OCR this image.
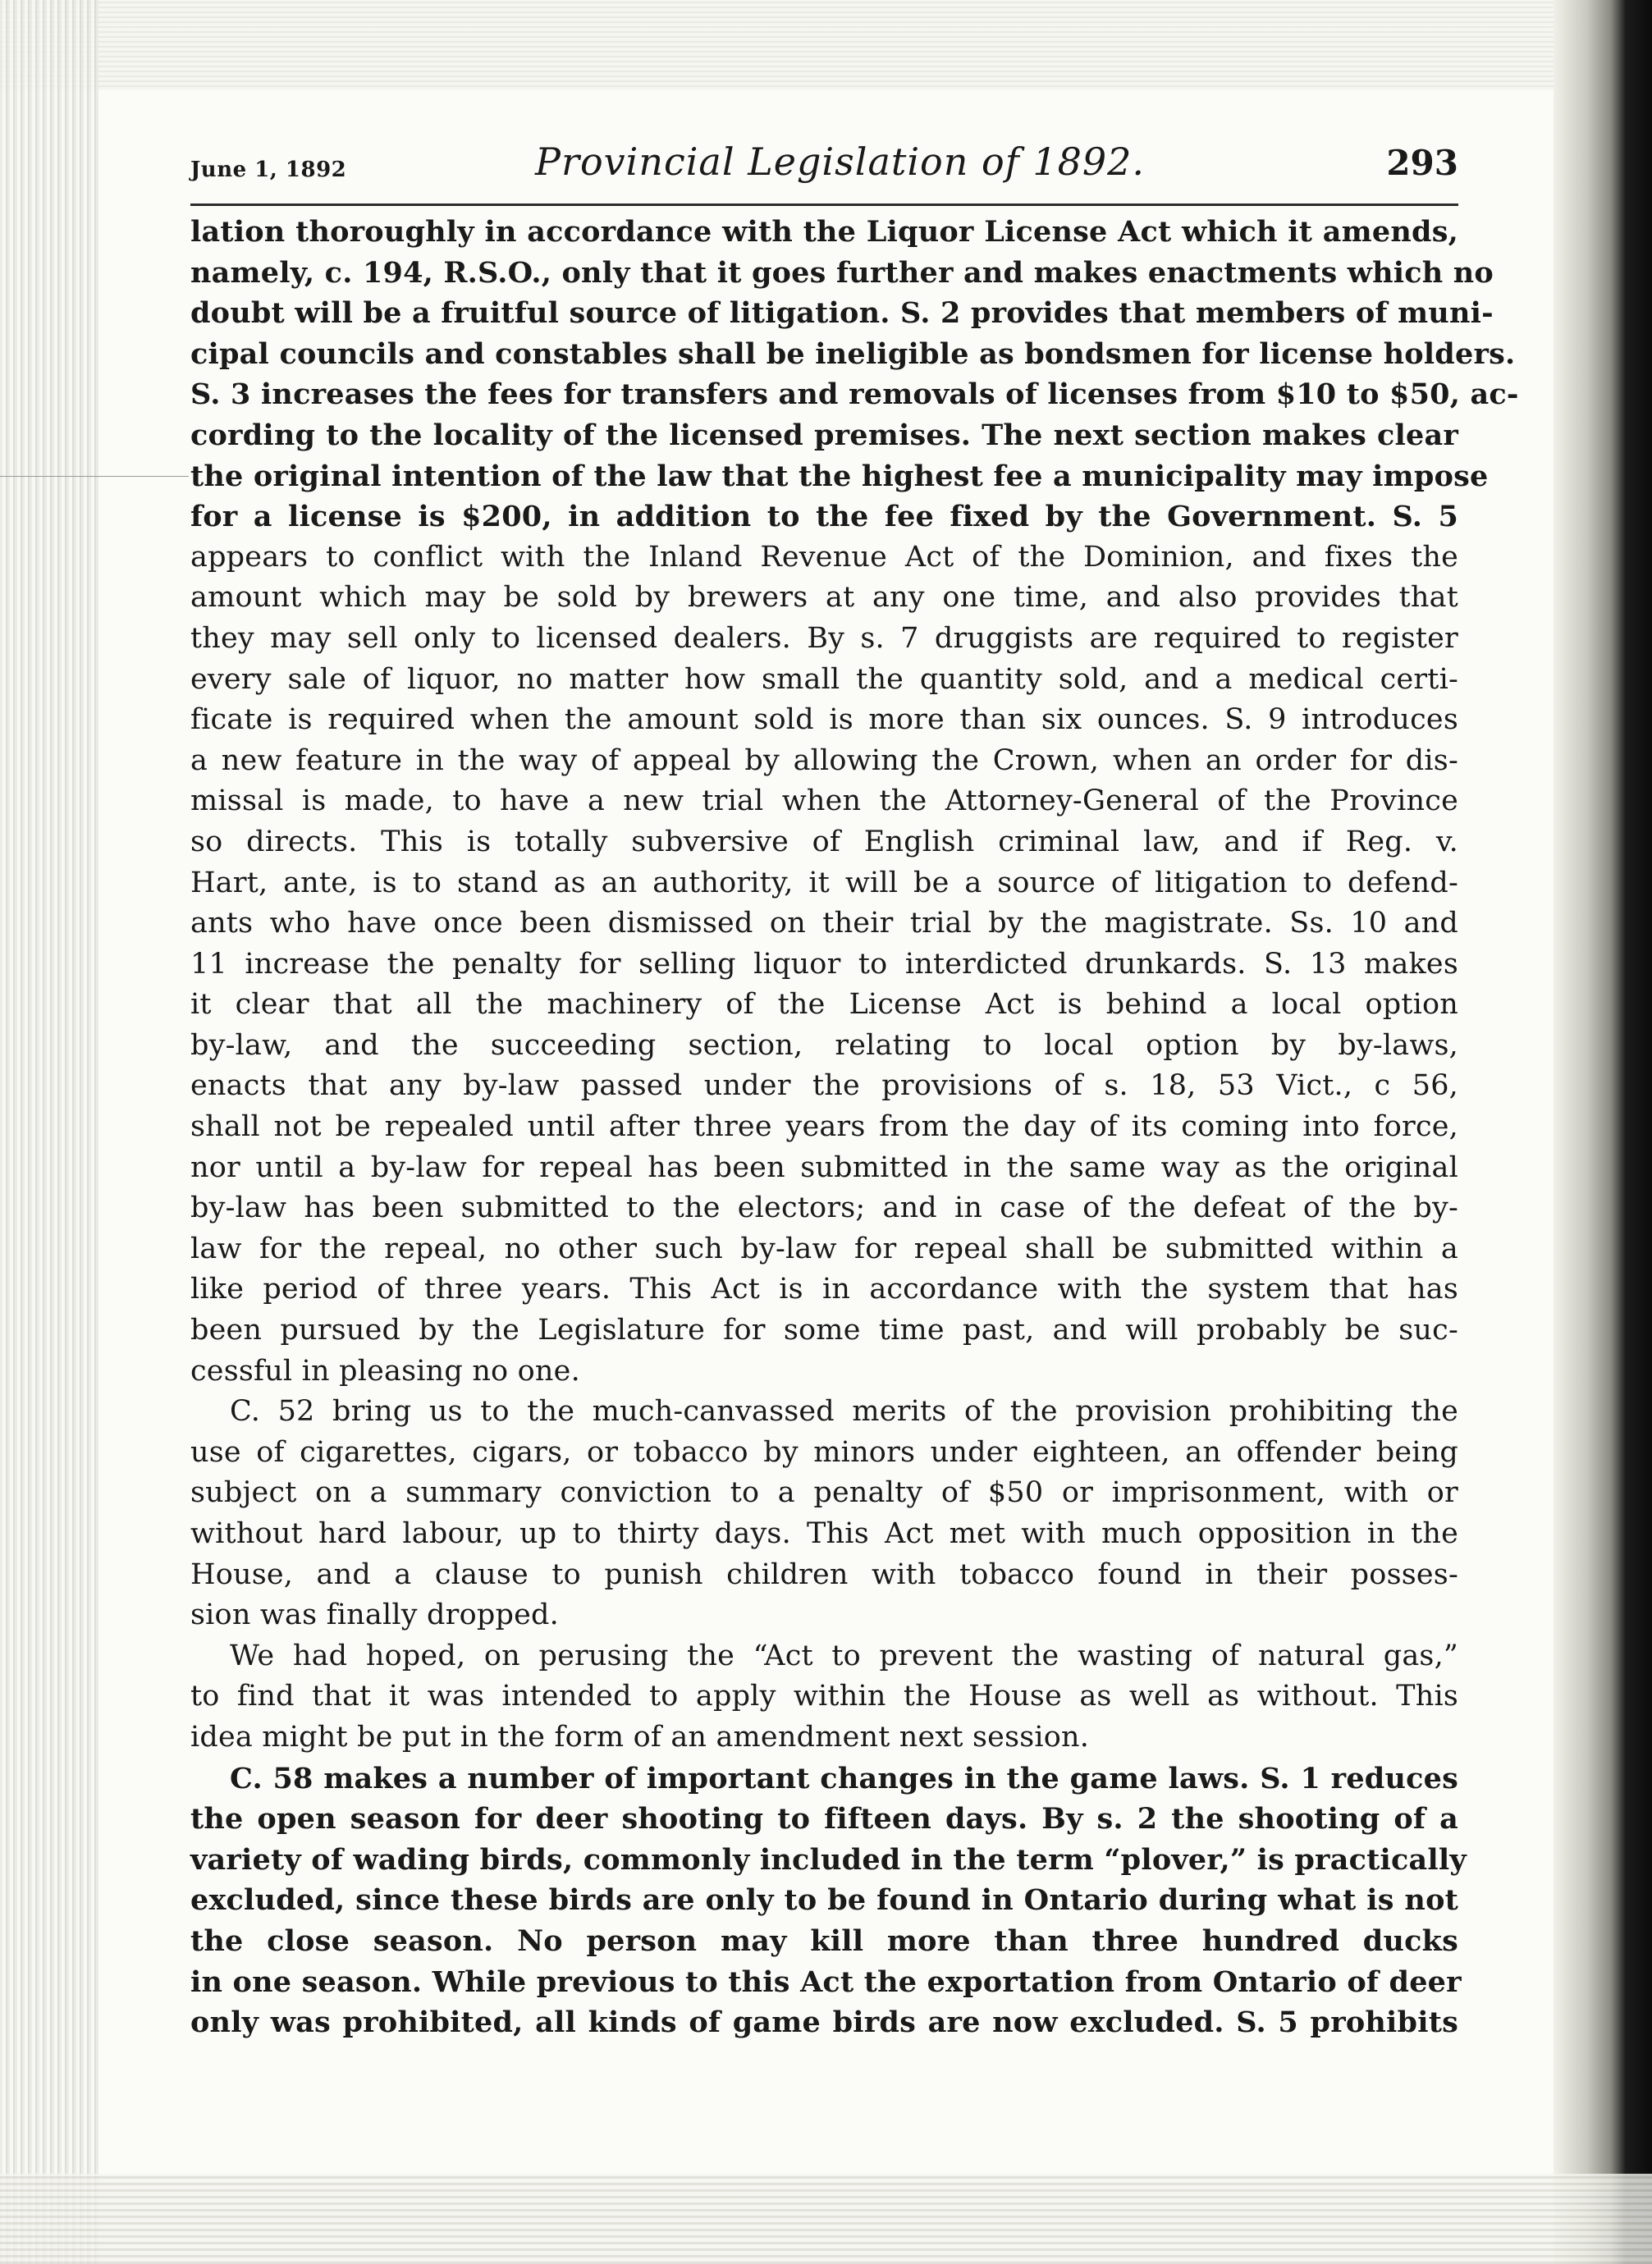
June 1, 1892	Provincial Legislation of 1892.	293
lation thoroughly in accordance with the Liquor License Act which it amends,
namely, c. 194, R.S.O., only that it goes further and makes enactments which no
doubt will be a fruitful source of litigation. S. 2 provides that members of muni-
cipal councils and constables shall be ineligible as bondsmen for license holders.
S. 3 increases the fees for transfers and removals of licenses from $10 to $50, ac-
cording to the locality of the licensed premises. The next section makes clear
the original intention of the law that the highest fee a municipality may impose
for a license is $200, in addition to the fee fixed by the Government. S. 5
appears to conflict with the Inland Revenue Act of the Dominion, and fixes the
amount which may be sold by brewers at any one time, and also provides that
they may sell only to licensed dealers. By s. 7 druggists are required to register
every sale of liquor, no matter how small the quantity sold, and a medical certi-
ficate is required when the amount sold is more than six ounces. S. 9 introduces
a new feature in the way of appeal by allowing the Crown, when an order for dis-
missal is made, to have a new trial when the Attorney-General of the Province
so directs. This is totally subversive of English criminal law, and if Reg. v.
Hart, ante, is to stand as an authority, it will be a source of litigation to defend-
ants who have once been dismissed on their trial by the magistrate. Ss. 10 and
11 increase the penalty for selling liquor to interdicted drunkards. S. 13 makes
it clear that all the machinery of the License Act is behind a local option
by-law, and the succeeding section, relating to local option by by-laws,
enacts that any by-law passed under the provisions of s. 18, 53 Vict., c 56,
shall not be repealed until after three years from the day of its coming into force,
nor until a by-law for repeal has been submitted in the same way as the original
by-law has been submitted to the electors; and in case of the defeat of the by-
law for the repeal, no other such by-law for repeal shall be submitted within a
like period of three years. This Act is in accordance with the system that has
been pursued by the Legislature for some time past, and will probably be suc-
cessful in pleasing no one.
C. 52 bring us to the much-canvassed merits of the provision prohibiting the
use of cigarettes, cigars, or tobacco by minors under eighteen, an offender being
subject on a summary conviction to a penalty of $50 or imprisonment, with or
without hard labour, up to thirty days. This Act met with much opposition in the
House, and a clause to punish children with tobacco found in their posses-
sion was finally dropped.
We had hoped, on perusing the “Act to prevent the wasting of natural gas,”
to find that it was intended to apply within the House as well as without. This
idea might be put in the form of an amendment next session.
C. 58 makes a number of important changes in the game laws. S. 1 reduces
the open season for deer shooting to fifteen days. By s. 2 the shooting of a
variety of wading birds, commonly included in the term “plover,” is practically
excluded, since these birds are only to be found in Ontario during what is not
the close season. No person may kill more than three hundred ducks
in one season. While previous to this Act the exportation from Ontario of deer
only was prohibited, all kinds of game birds are now excluded. S. 5 prohibits
